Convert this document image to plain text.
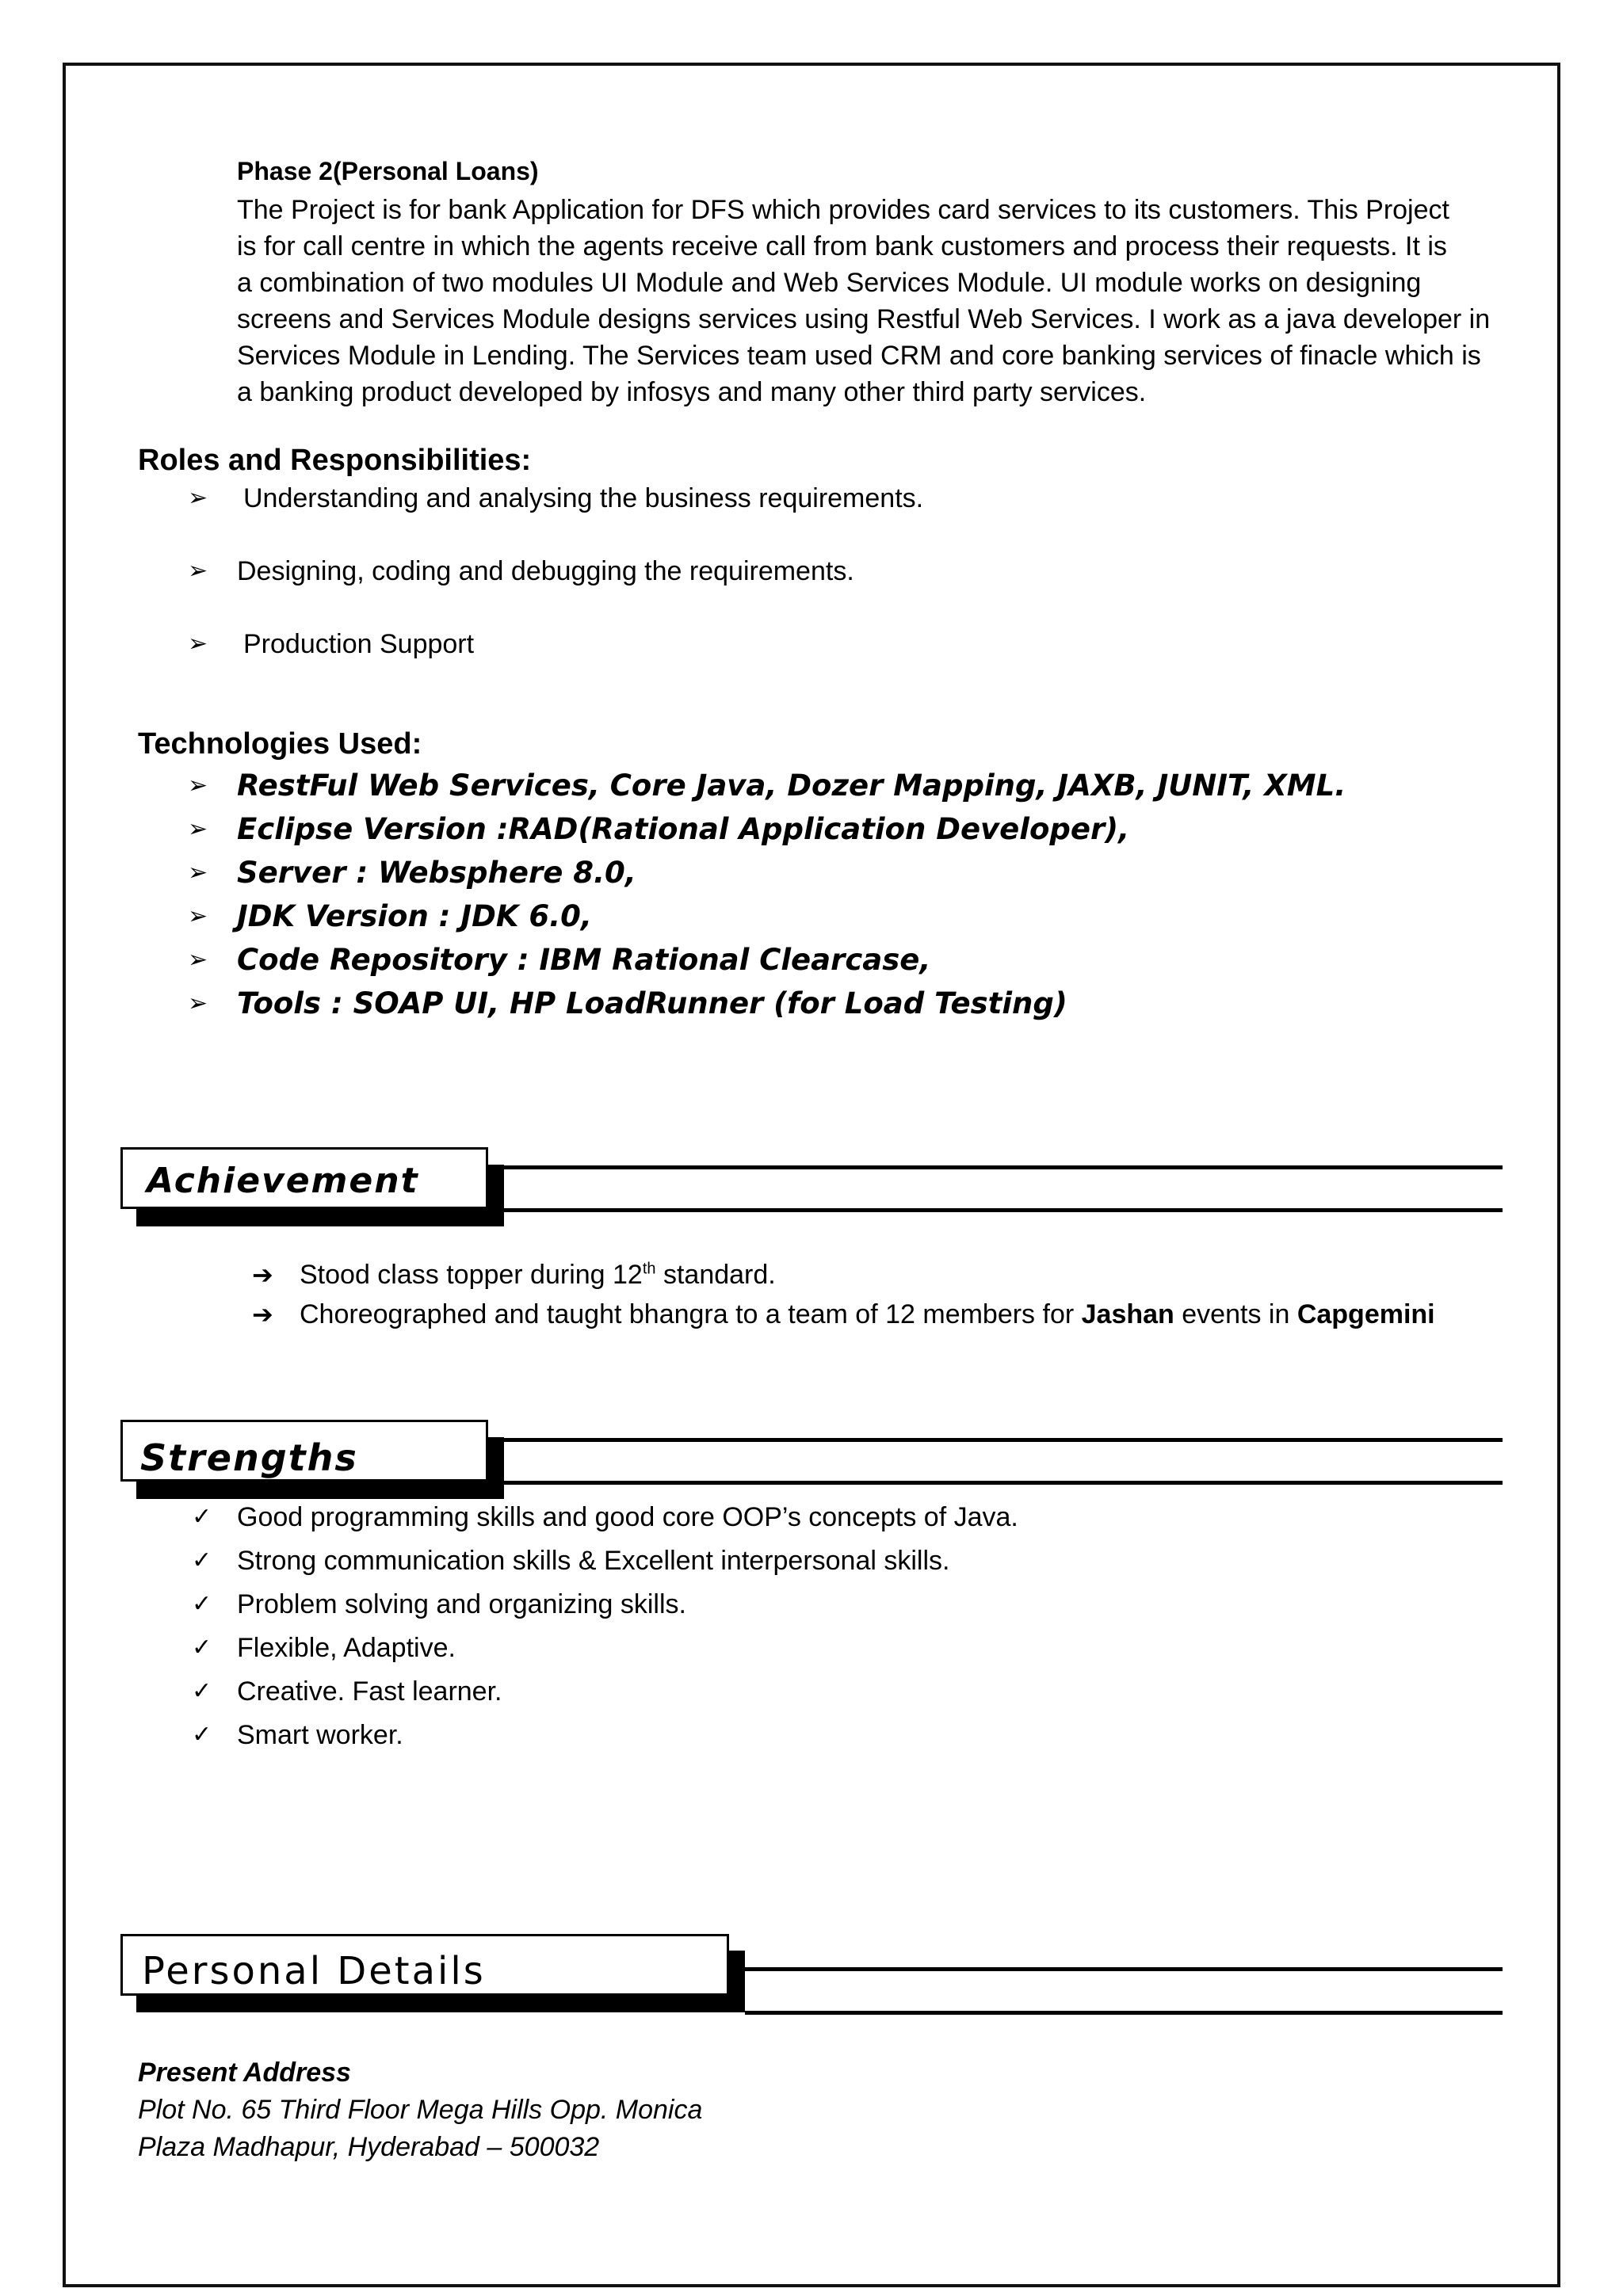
Phase 2(Personal Loans)
The Project is for bank Application for DFS which provides card services to its customers. This Project
is for call centre in which the agents receive call from bank customers and process their requests. It is
a combination of two modules UI Module and Web Services Module. UI module works on designing
screens and Services Module designs services using Restful Web Services. I work as a java developer in
Services Module in Lending. The Services team used CRM and core banking services of finacle which is
a banking product developed by infosys and many other third party services.
Roles and Responsibilities:
➢ Understanding and analysing the business requirements.
➢ Designing, coding and debugging the requirements.
➢ Production Support
Technologies Used:
➢ RestFul Web Services, Core Java, Dozer Mapping, JAXB, JUNIT, XML.
➢ Eclipse Version :RAD(Rational Application Developer),
➢ Server : Websphere 8.0,
➢ JDK Version : JDK 6.0,
➢ Code Repository : IBM Rational Clearcase,
➢ Tools : SOAP UI, HP LoadRunner (for Load Testing)
Achievement
➔ Stood class topper during 12th standard.
➔ Choreographed and taught bhangra to a team of 12 members for Jashan events in Capgemini
Strengths
✓ Good programming skills and good core OOP’s concepts of Java.
✓ Strong communication skills & Excellent interpersonal skills.
✓ Problem solving and organizing skills.
✓ Flexible, Adaptive.
✓ Creative. Fast learner.
✓ Smart worker.
Personal Details
Present Address
Plot No. 65 Third Floor Mega Hills Opp. Monica
Plaza Madhapur, Hyderabad – 500032
